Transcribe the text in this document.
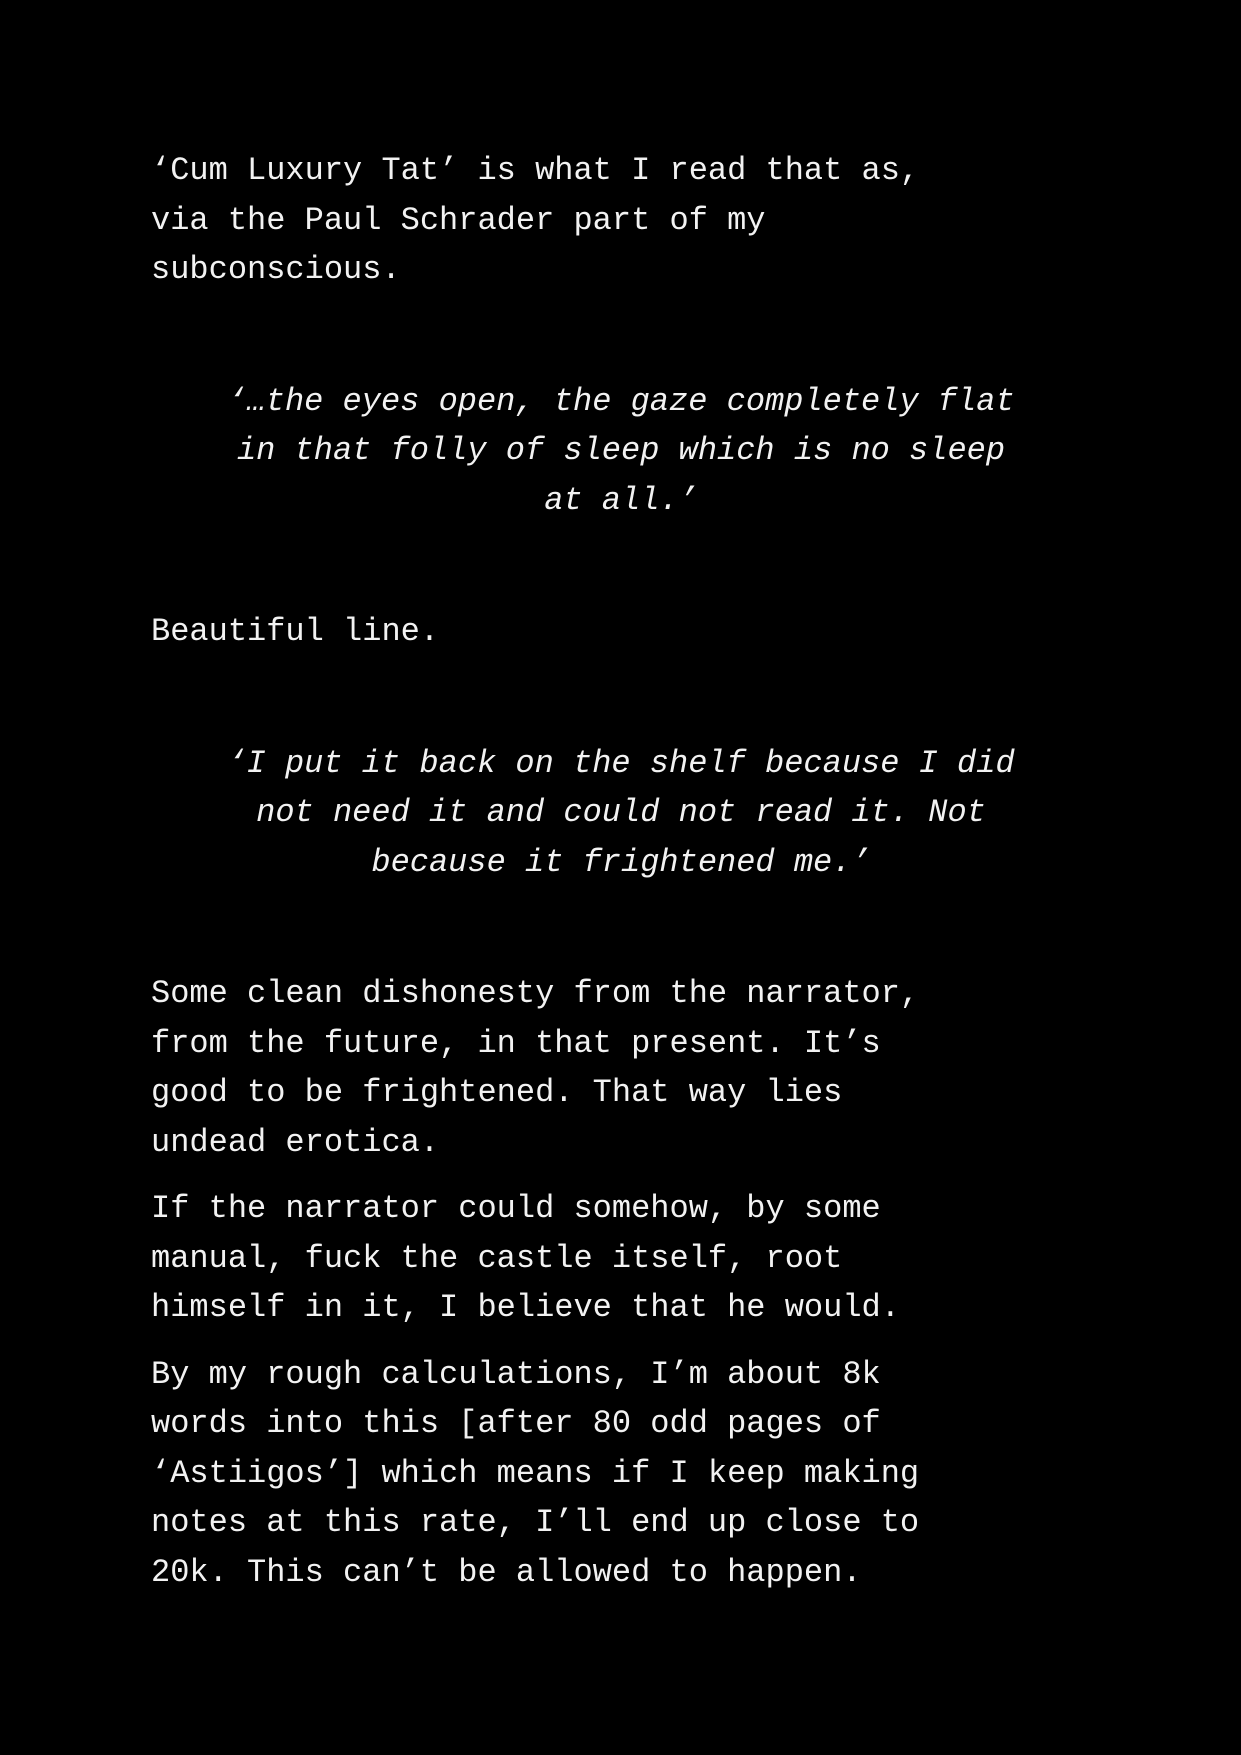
‘Cum Luxury Tat’ is what I read that as,
via the Paul Schrader part of my
subconscious.

‘…the eyes open, the gaze completely flat
in that folly of sleep which is no sleep
at all.’

Beautiful line.

‘I put it back on the shelf because I did
not need it and could not read it. Not
because it frightened me.’

Some clean dishonesty from the narrator,
from the future, in that present. It’s
good to be frightened. That way lies
undead erotica.

If the narrator could somehow, by some
manual, fuck the castle itself, root
himself in it, I believe that he would.

By my rough calculations, I’m about 8k
words into this [after 80 odd pages of
‘Astiigos’] which means if I keep making
notes at this rate, I’ll end up close to
20k. This can’t be allowed to happen.
